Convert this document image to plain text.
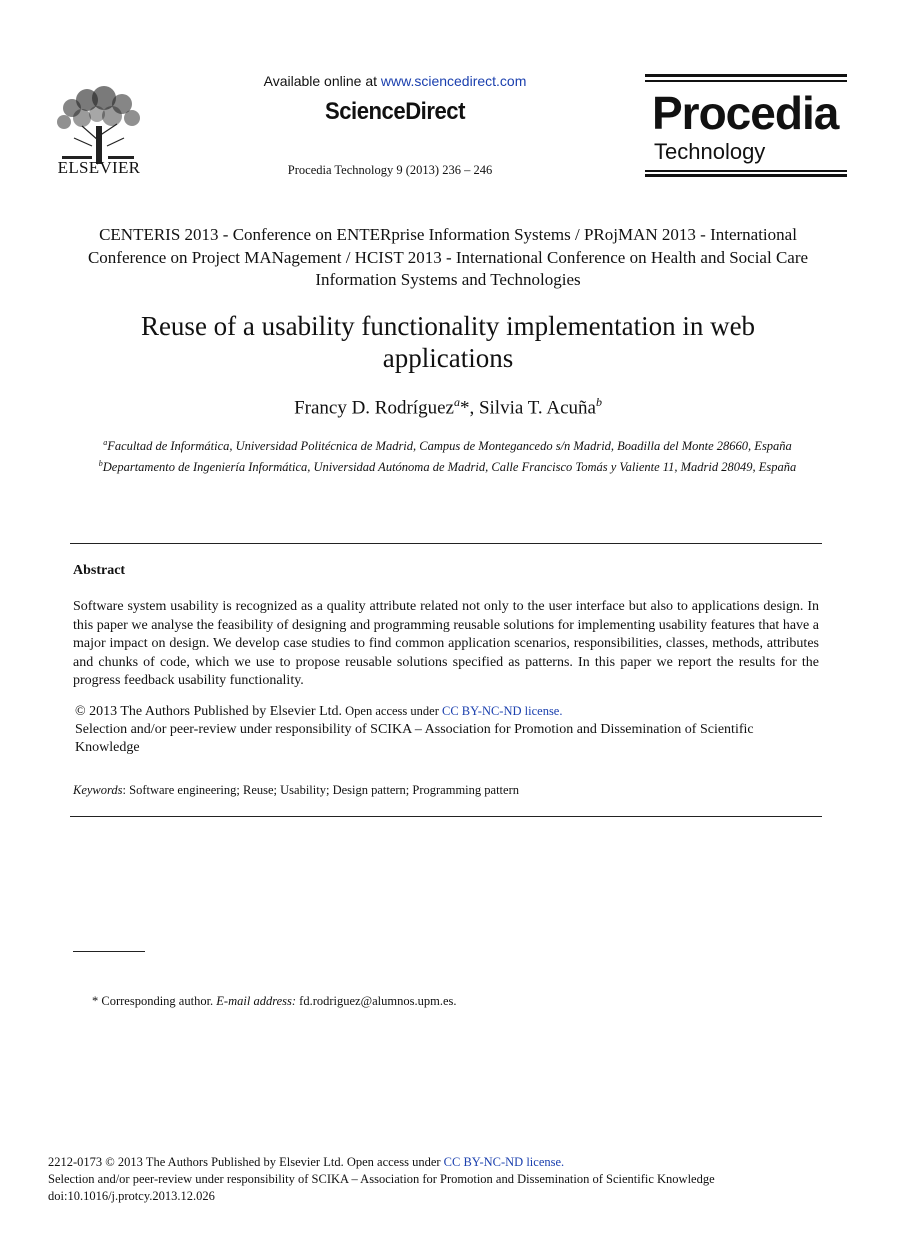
ELSEVIER
Available online at www.sciencedirect.com
ScienceDirect
Procedia Technology 9 (2013) 236 – 246
Procedia
Technology
CENTERIS 2013 - Conference on ENTERprise Information Systems / PRojMAN 2013 - International Conference on Project MANagement / HCIST 2013 - International Conference on Health and Social Care Information Systems and Technologies
Reuse of a usability functionality implementation in web applications
Francy D. Rodríguez$^a$*, Silvia T. Acuña$^b$
$^a$Facultad de Informática, Universidad Politécnica de Madrid, Campus de Montegancedo s/n Madrid, Boadilla del Monte 28660, España
$^b$Departamento de Ingeniería Informática, Universidad Autónoma de Madrid, Calle Francisco Tomás y Valiente 11, Madrid 28049, España
Abstract
Software system usability is recognized as a quality attribute related not only to the user interface but also to applications design. In this paper we analyse the feasibility of designing and programming reusable solutions for implementing usability features that have a major impact on design. We develop case studies to find common application scenarios, responsibilities, classes, methods, attributes and chunks of code, which we use to propose reusable solutions specified as patterns. In this paper we report the results for the progress feedback usability functionality.
© 2013 The Authors Published by Elsevier Ltd. Open access under CC BY-NC-ND license.
Selection and/or peer-review under responsibility of SCIKA – Association for Promotion and Dissemination of Scientific Knowledge
Keywords: Software engineering; Reuse; Usability; Design pattern; Programming pattern
* Corresponding author. E-mail address: fd.rodriguez@alumnos.upm.es.
2212-0173 © 2013 The Authors Published by Elsevier Ltd. Open access under CC BY-NC-ND license.
Selection and/or peer-review under responsibility of SCIKA – Association for Promotion and Dissemination of Scientific Knowledge
doi:10.1016/j.protcy.2013.12.026
